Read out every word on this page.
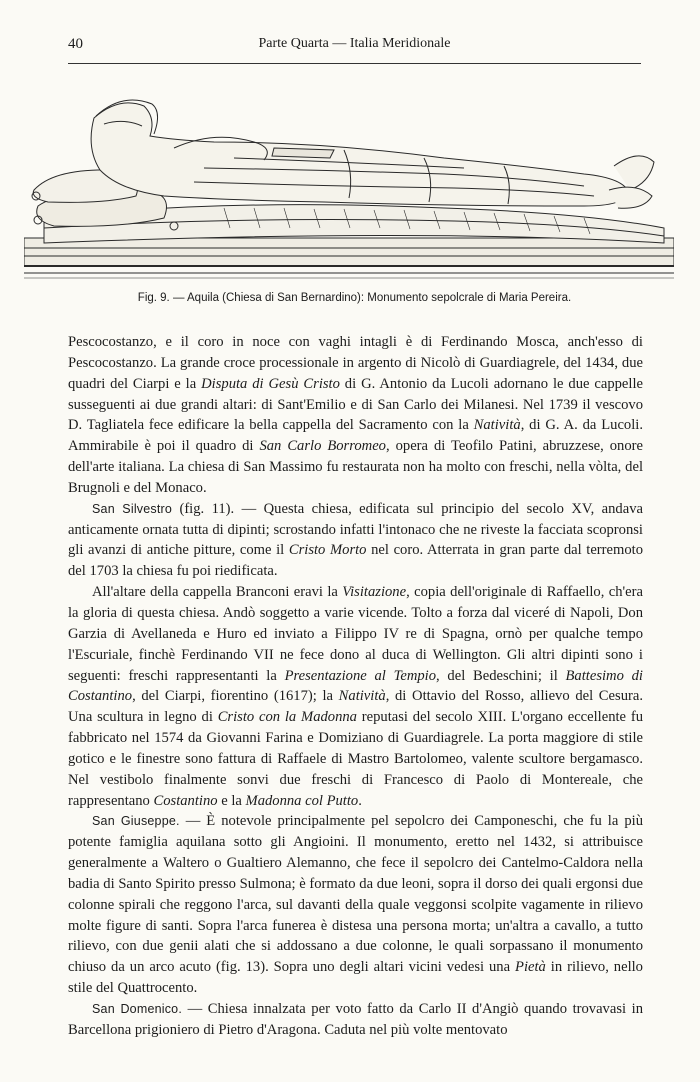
40	Parte Quarta — Italia Meridionale
Fig. 9. — Aquila (Chiesa di San Bernardino): Monumento sepolcrale di Maria Pereira.

Pescocostanzo, e il coro in noce con vaghi intagli è di Ferdinando Mosca, anch'esso di Pescocostanzo. La grande croce processionale in argento di Nicolò di Guardiagrele, del 1434, due quadri del Ciarpi e la Disputa di Gesù Cristo di G. Antonio da Lucoli adornano le due cappelle susseguenti ai due grandi altari: di Sant'Emilio e di San Carlo dei Milanesi. Nel 1739 il vescovo D. Tagliatela fece edificare la bella cappella del Sacramento con la Natività, di G. A. da Lucoli. Ammirabile è poi il quadro di San Carlo Borromeo, opera di Teofilo Patini, abruzzese, onore dell'arte italiana. La chiesa di San Massimo fu restaurata non ha molto con freschi, nella vòlta, del Brugnoli e del Monaco.

San Silvestro (fig. 11). — Questa chiesa, edificata sul principio del secolo XV, andava anticamente ornata tutta di dipinti; scrostando infatti l'intonaco che ne riveste la facciata scopronsi gli avanzi di antiche pitture, come il Cristo Morto nel coro. Atterrata in gran parte dal terremoto del 1703 la chiesa fu poi riedificata.

All'altare della cappella Branconi eravi la Visitazione, copia dell'originale di Raffaello, ch'era la gloria di questa chiesa. Andò soggetto a varie vicende. Tolto a forza dal viceré di Napoli, Don Garzia di Avellaneda e Huro ed inviato a Filippo IV re di Spagna, ornò per qualche tempo l'Escuriale, finchè Ferdinando VII ne fece dono al duca di Wellington. Gli altri dipinti sono i seguenti: freschi rappresentanti la Presentazione al Tempio, del Bedeschini; il Battesimo di Costantino, del Ciarpi, fiorentino (1617); la Natività, di Ottavio del Rosso, allievo del Cesura. Una scultura in legno di Cristo con la Madonna reputasi del secolo XIII. L'organo eccellente fu fabbricato nel 1574 da Giovanni Farina e Domiziano di Guardiagrele. La porta maggiore di stile gotico e le finestre sono fattura di Raffaele di Mastro Bartolomeo, valente scultore bergamasco. Nel vestibolo finalmente sonvi due freschi di Francesco di Paolo di Montereale, che rappresentano Costantino e la Madonna col Putto.

San Giuseppe. — È notevole principalmente pel sepolcro dei Camponeschi, che fu la più potente famiglia aquilana sotto gli Angioini. Il monumento, eretto nel 1432, si attribuisce generalmente a Waltero o Gualtiero Alemanno, che fece il sepolcro dei Cantelmo-Caldora nella badia di Santo Spirito presso Sulmona; è formato da due leoni, sopra il dorso dei quali ergonsi due colonne spirali che reggono l'arca, sul davanti della quale veggonsi scolpite vagamente in rilievo molte figure di santi. Sopra l'arca funerea è distesa una persona morta; un'altra a cavallo, a tutto rilievo, con due genii alati che si addossano a due colonne, le quali sorpassano il monumento chiuso da un arco acuto (fig. 13). Sopra uno degli altari vicini vedesi una Pietà in rilievo, nello stile del Quattrocento.

San Domenico. — Chiesa innalzata per voto fatto da Carlo II d'Angiò quando trovavasi in Barcellona prigioniero di Pietro d'Aragona. Caduta nel più volte mentovato
